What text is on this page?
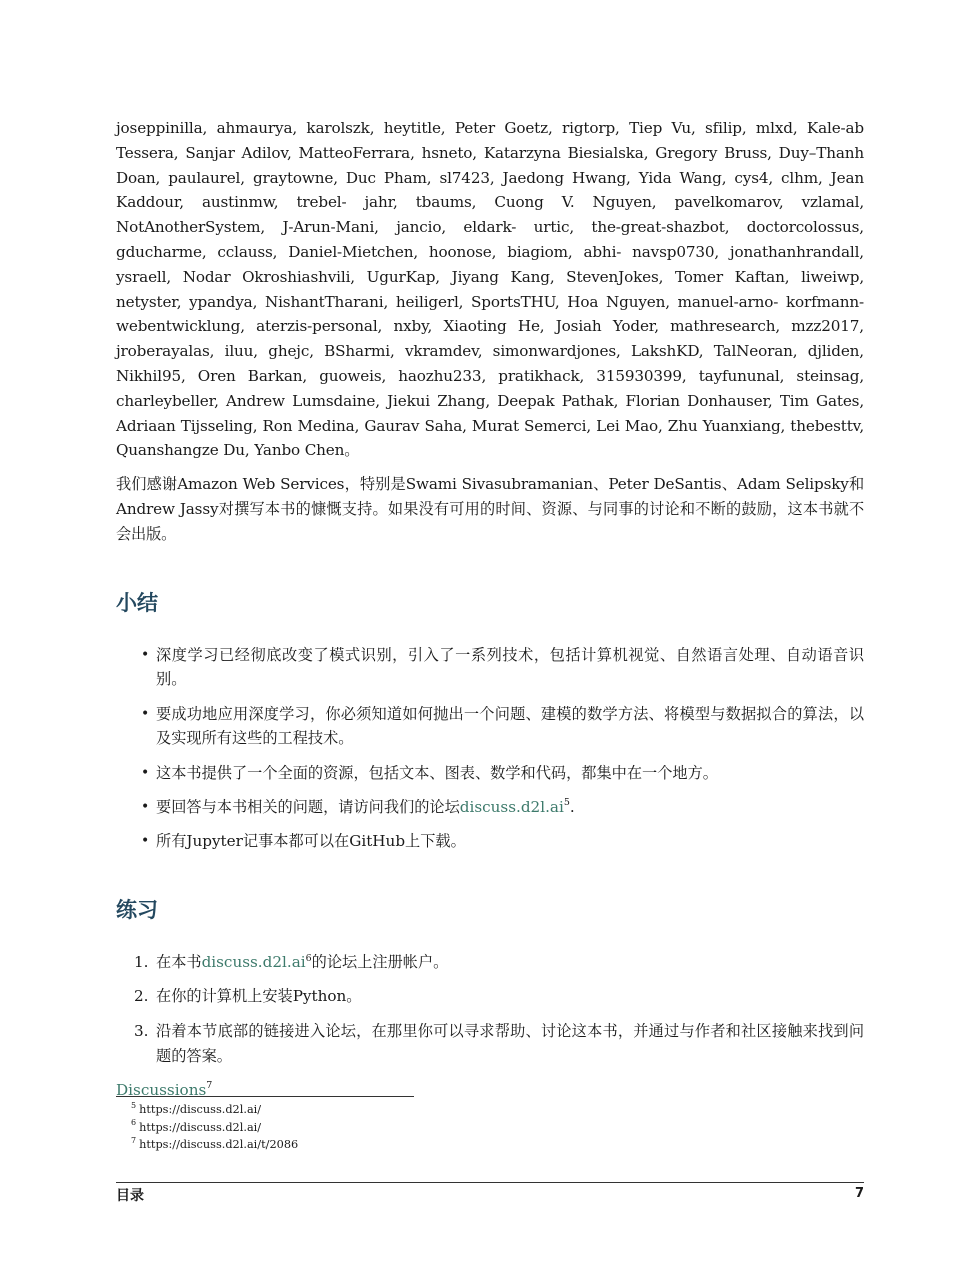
joseppinilla, ahmaurya, karolszk, heytitle, Peter Goetz, rigtorp, Tiep Vu, sfilip, mlxd, Kale-ab Tessera, Sanjar Adilov, MatteoFerrara, hsneto, Katarzyna Biesialska, Gregory Bruss, Duy–Thanh Doan, paulaurel, graytowne, Duc Pham, sl7423, Jaedong Hwang, Yida Wang, cys4, clhm, Jean Kaddour, austinmw, trebel- jahr, tbaums, Cuong V. Nguyen, pavelkomarov, vzlamal, NotAnotherSystem, J-Arun-Mani, jancio, eldark- urtic, the-great-shazbot, doctorcolossus, gducharme, cclauss, Daniel-Mietchen, hoonose, biagiom, abhi- navsp0730, jonathanhrandall, ysraell, Nodar Okroshiashvili, UgurKap, Jiyang Kang, StevenJokes, Tomer Kaftan, liweiwp, netyster, ypandya, NishantTharani, heiligerl, SportsTHU, Hoa Nguyen, manuel-arno- korfmann-webentwicklung, aterzis-personal, nxby, Xiaoting He, Josiah Yoder, mathresearch, mzz2017, jroberayalas, iluu, ghejc, BSharmi, vkramdev, simonwardjones, LakshKD, TalNeoran, djliden, Nikhil95, Oren Barkan, guoweis, haozhu233, pratikhack, 315930399, tayfununal, steinsag, charleybeller, Andrew Lumsdaine, Jiekui Zhang, Deepak Pathak, Florian Donhauser, Tim Gates, Adriaan Tijsseling, Ron Medina, Gaurav Saha, Murat Semerci, Lei Mao, Zhu Yuanxiang, thebesttv, Quanshangze Du, Yanbo Chen。

我们感谢Amazon Web Services，特别是Swami Sivasubramanian、Peter DeSantis、Adam Selipsky和Andrew Jassy对撰写本书的慷慨支持。如果没有可用的时间、资源、与同事的讨论和不断的鼓励，这本书就不会出版。

小结
• 深度学习已经彻底改变了模式识别，引入了一系列技术，包括计算机视觉、自然语言处理、自动语音识别。
• 要成功地应用深度学习，你必须知道如何抛出一个问题、建模的数学方法、将模型与数据拟合的算法，以及实现所有这些的工程技术。
• 这本书提供了一个全面的资源，包括文本、图表、数学和代码，都集中在一个地方。
• 要回答与本书相关的问题，请访问我们的论坛$discuss.d2l.ai^5$.
• 所有Jupyter记事本都可以在GitHub上下载。
练习
1. 在本书$discuss.d2l.ai^6$的论坛上注册帐户。
2. 在你的计算机上安装Python。
3. 沿着本节底部的链接进入论坛，在那里你可以寻求帮助、讨论这本书，并通过与作者和社区接触来找到问题的答案。
Discussions$^7$
$^5$ https://discuss.d2l.ai/
$^6$ https://discuss.d2l.ai/
$^7$ https://discuss.d2l.ai/t/2086
目录	7
